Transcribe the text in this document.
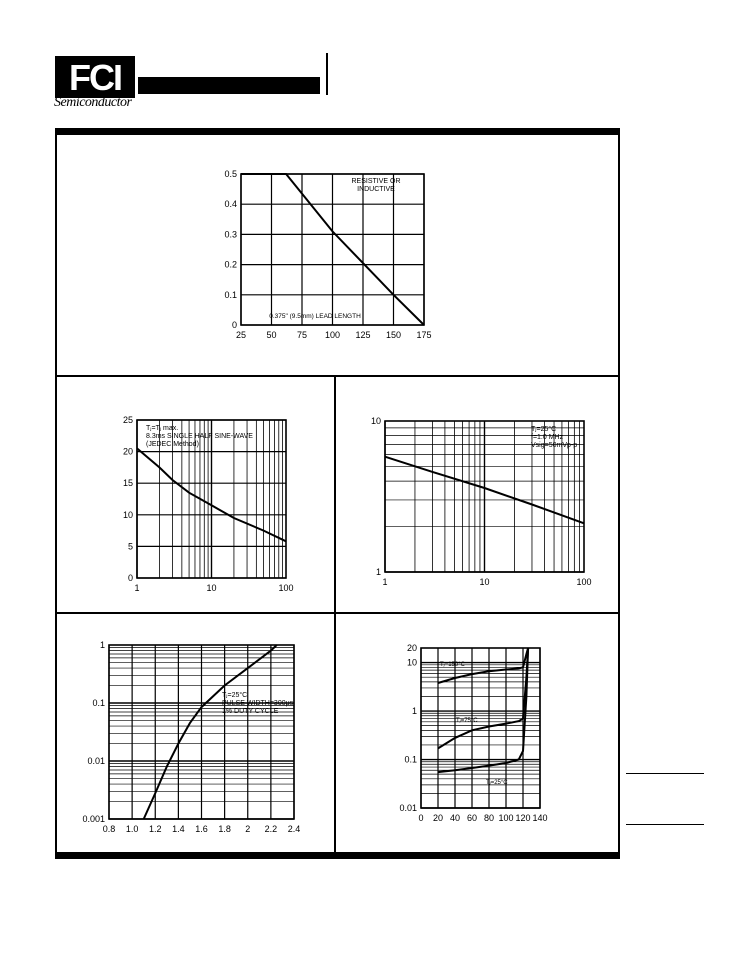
FCI
Semiconductor
25 50 75 100 125 150 175
0
0.1
0.2
0.3
0.4
0.5
1	10	100
0
5
10
15
20
25
1	10	100
1
10
0.8 1.0 1.2 1.4 1.6 1.8 2 2.2 2.4
0.001
0.01
0.1
1
0 20 40 60 80 100 120 140
0.01
0.1
1
10
20
RESISTIVE OR
INDUCTIVE
0.375" (9.5mm) LEAD LENGTH
Tⱼ=Tⱼ max.
8.3ms SINGLE HALF SINE-WAVE
(JEDEC Method)
Tⱼ=25°C
f=1.0 MHz
Vsig=50mVp-p
Tⱼ=25°C
PULSE WIDTH=300μs
1% DUTY CYCLE
Tⱼ=150°C
Tⱼ=75°C
Tⱼ=25°C
